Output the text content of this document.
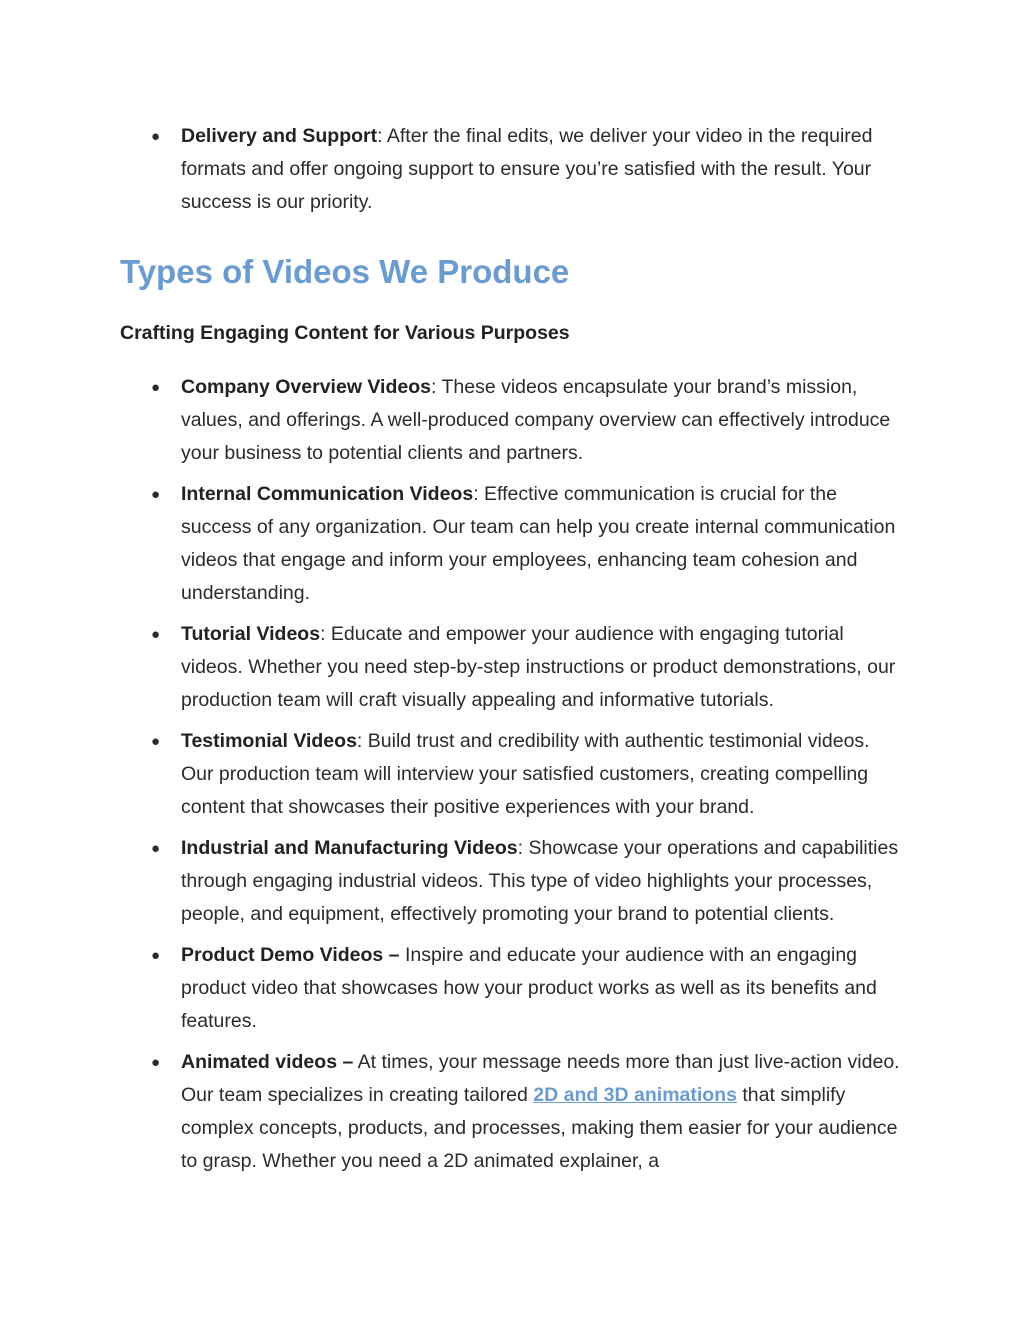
● Delivery and Support: After the final edits, we deliver your video in the required formats and offer ongoing support to ensure you’re satisfied with the result. Your success is our priority.
Types of Videos We Produce
Crafting Engaging Content for Various Purposes
● Company Overview Videos: These videos encapsulate your brand’s mission, values, and offerings. A well-produced company overview can effectively introduce your business to potential clients and partners.
● Internal Communication Videos: Effective communication is crucial for the success of any organization. Our team can help you create internal communication videos that engage and inform your employees, enhancing team cohesion and understanding.
● Tutorial Videos: Educate and empower your audience with engaging tutorial videos. Whether you need step-by-step instructions or product demonstrations, our production team will craft visually appealing and informative tutorials.
● Testimonial Videos: Build trust and credibility with authentic testimonial videos. Our production team will interview your satisfied customers, creating compelling content that showcases their positive experiences with your brand.
● Industrial and Manufacturing Videos: Showcase your operations and capabilities through engaging industrial videos. This type of video highlights your processes, people, and equipment, effectively promoting your brand to potential clients.
● Product Demo Videos – Inspire and educate your audience with an engaging product video that showcases how your product works as well as its benefits and features.
● Animated videos – At times, your message needs more than just live-action video. Our team specializes in creating tailored 2D and 3D animations that simplify complex concepts, products, and processes, making them easier for your audience to grasp. Whether you need a 2D animated explainer, a
